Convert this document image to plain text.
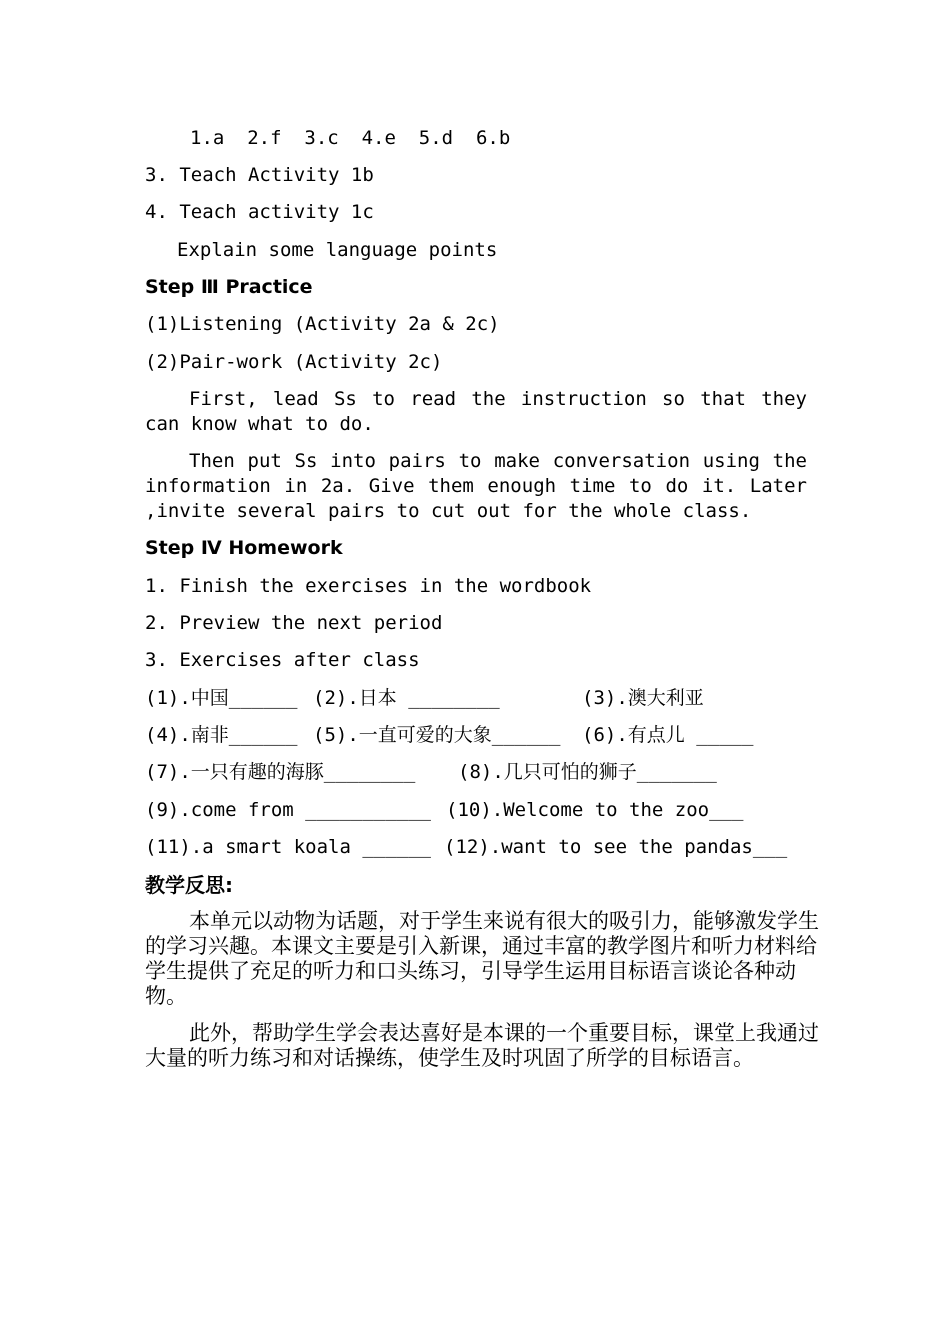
1.a  2.f  3.c  4.e  5.d  6.b
3. Teach Activity 1b
4. Teach activity 1c
Explain some language points
Step Ⅲ Practice
(1)Listening (Activity 2a & 2c)
(2)Pair-work (Activity 2c)
First, lead Ss to read the instruction so that they can know what to do.
Then put Ss into pairs to make conversation using the information in 2a. Give them enough time to do it. Later ,invite several pairs to cut out for the whole class.
Step Ⅳ Homework
1. Finish the exercises in the wordbook
2. Preview the next period
3. Exercises after class
(1).中国______ (2).日本 ________	(3).澳大利亚
(4).南非______ (5).一直可爱的大象______ (6).有点儿 _____
(7).一只有趣的海豚________ (8).几只可怕的狮子_______
(9).come from ___________ (10).Welcome to the zoo___
(11).a smart koala ______ (12).want to see the pandas___
教学反思:
本单元以动物为话题，对于学生来说有很大的吸引力，能够激发学生的学习兴趣。本课文主要是引入新课，通过丰富的教学图片和听力材料给学生提供了充足的听力和口头练习，引导学生运用目标语言谈论各种动物。
此外，帮助学生学会表达喜好是本课的一个重要目标，课堂上我通过大量的听力练习和对话操练，使学生及时巩固了所学的目标语言。
